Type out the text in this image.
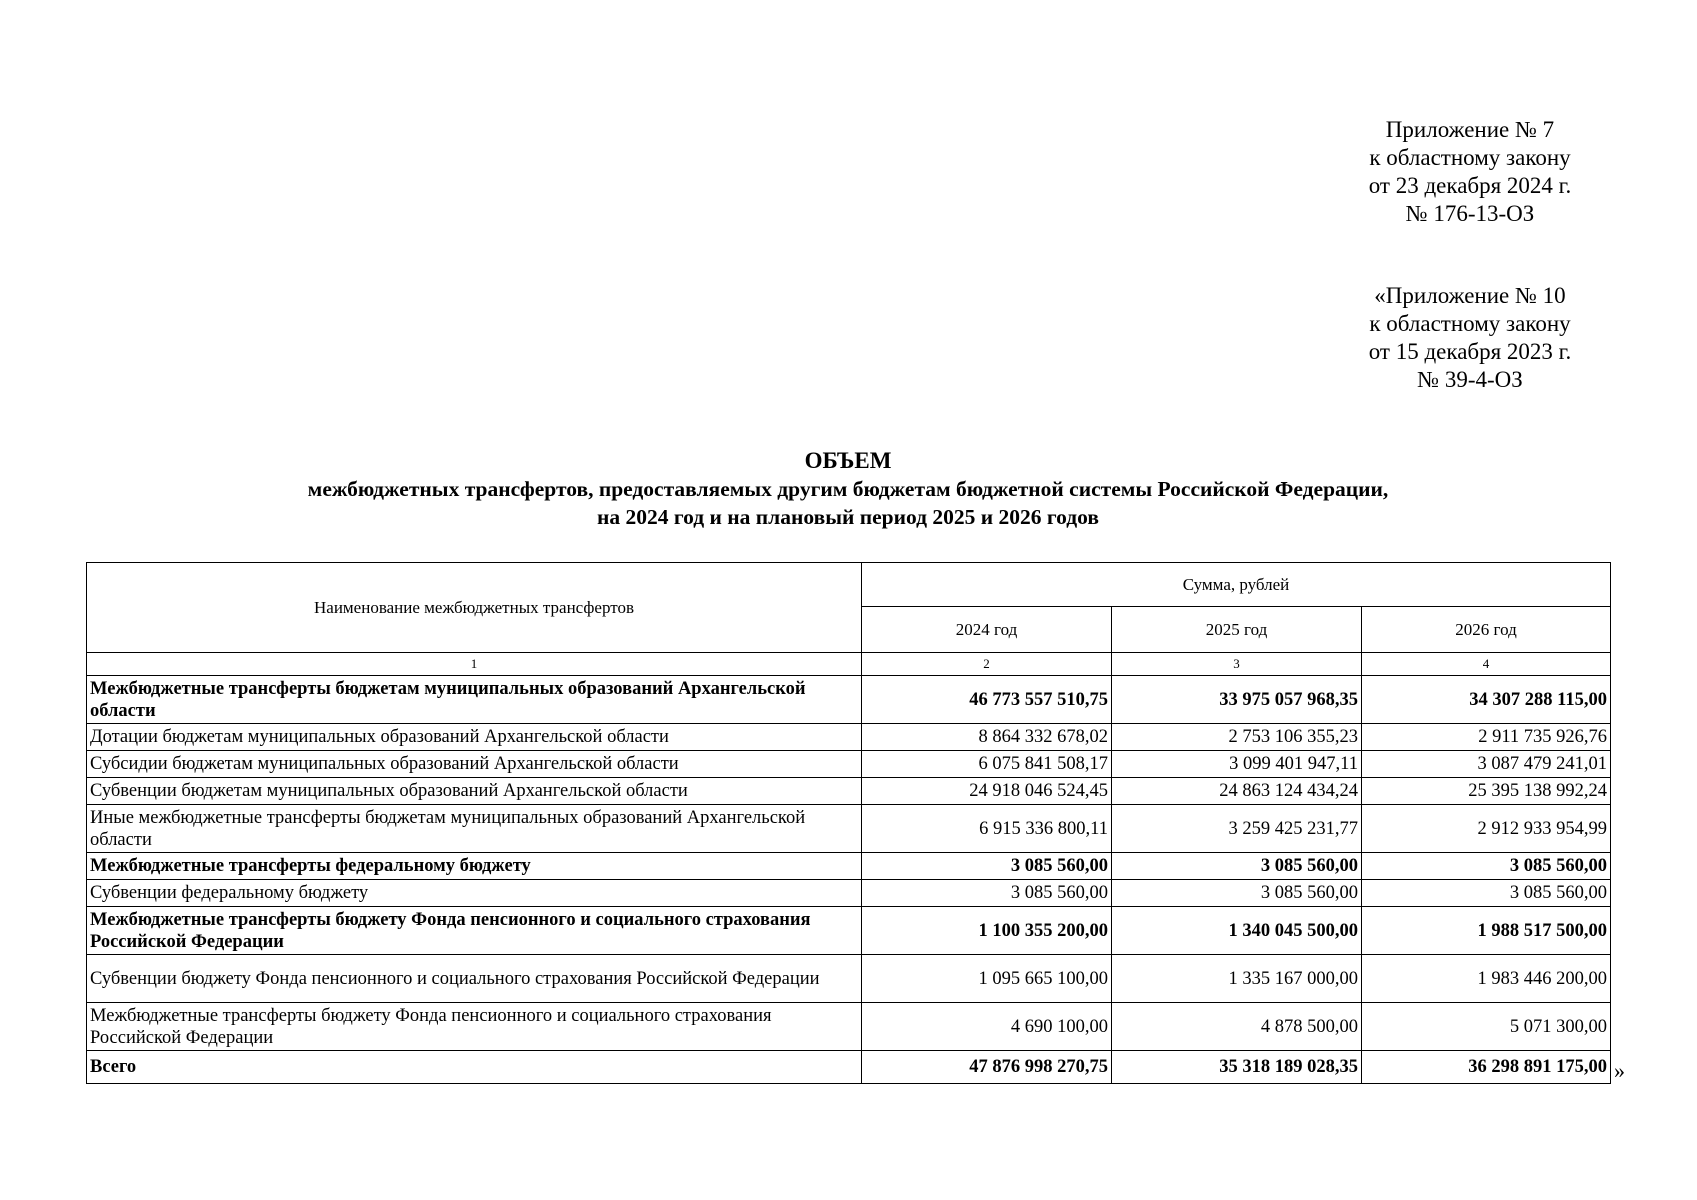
Приложение № 7
к областному закону
от 23 декабря 2024 г.
№ 176-13-ОЗ
«Приложение № 10
к областному закону
от 15 декабря 2023 г.
№ 39-4-ОЗ
ОБЪЕМ
межбюджетных трансфертов, предоставляемых другим бюджетам бюджетной системы Российской Федерации,
на 2024 год и на плановый период 2025 и 2026 годов
Наименование межбюджетных трансфертов	Сумма, рублей		
	2024 год	2025 год	2026 год
1	2	3	4
Межбюджетные трансферты бюджетам муниципальных образований Архангельской области	46 773 557 510,75	33 975 057 968,35	34 307 288 115,00
Дотации бюджетам муниципальных образований Архангельской области	8 864 332 678,02	2 753 106 355,23	2 911 735 926,76
Субсидии бюджетам муниципальных образований Архангельской области	6 075 841 508,17	3 099 401 947,11	3 087 479 241,01
Субвенции бюджетам муниципальных образований Архангельской области	24 918 046 524,45	24 863 124 434,24	25 395 138 992,24
Иные межбюджетные трансферты бюджетам муниципальных образований Архангельской области	6 915 336 800,11	3 259 425 231,77	2 912 933 954,99
Межбюджетные трансферты федеральному бюджету	3 085 560,00	3 085 560,00	3 085 560,00
Субвенции федеральному бюджету	3 085 560,00	3 085 560,00	3 085 560,00
Межбюджетные трансферты бюджету Фонда пенсионного и социального страхования Российской Федерации	1 100 355 200,00	1 340 045 500,00	1 988 517 500,00
Субвенции бюджету Фонда пенсионного и социального страхования Российской Федерации	1 095 665 100,00	1 335 167 000,00	1 983 446 200,00
Межбюджетные трансферты бюджету Фонда пенсионного и социального страхования Российской Федерации	4 690 100,00	4 878 500,00	5 071 300,00
Всего	47 876 998 270,75	35 318 189 028,35	36 298 891 175,00 »
